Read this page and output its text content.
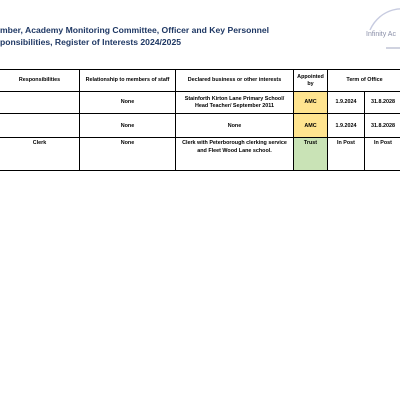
mber, Academy Monitoring Committee, Officer and Key Personnel
ponsibilities, Register of Interests 2024/2025
Infinity Ac
Responsibilities	Relationship to members of staff	Declared business or other interests	Appointed by	Term of Office	
	None	Stainforth Kirton Lane Primary School/ Head Teacher/ September 2011	AMC	1.9.2024	31.8.2028
	None	None	AMC	1.9.2024	31.8.2028
Clerk	None	Clerk with Peterborough clerking service and Fleet Wood Lane school.	Trust	In Post	In Post
